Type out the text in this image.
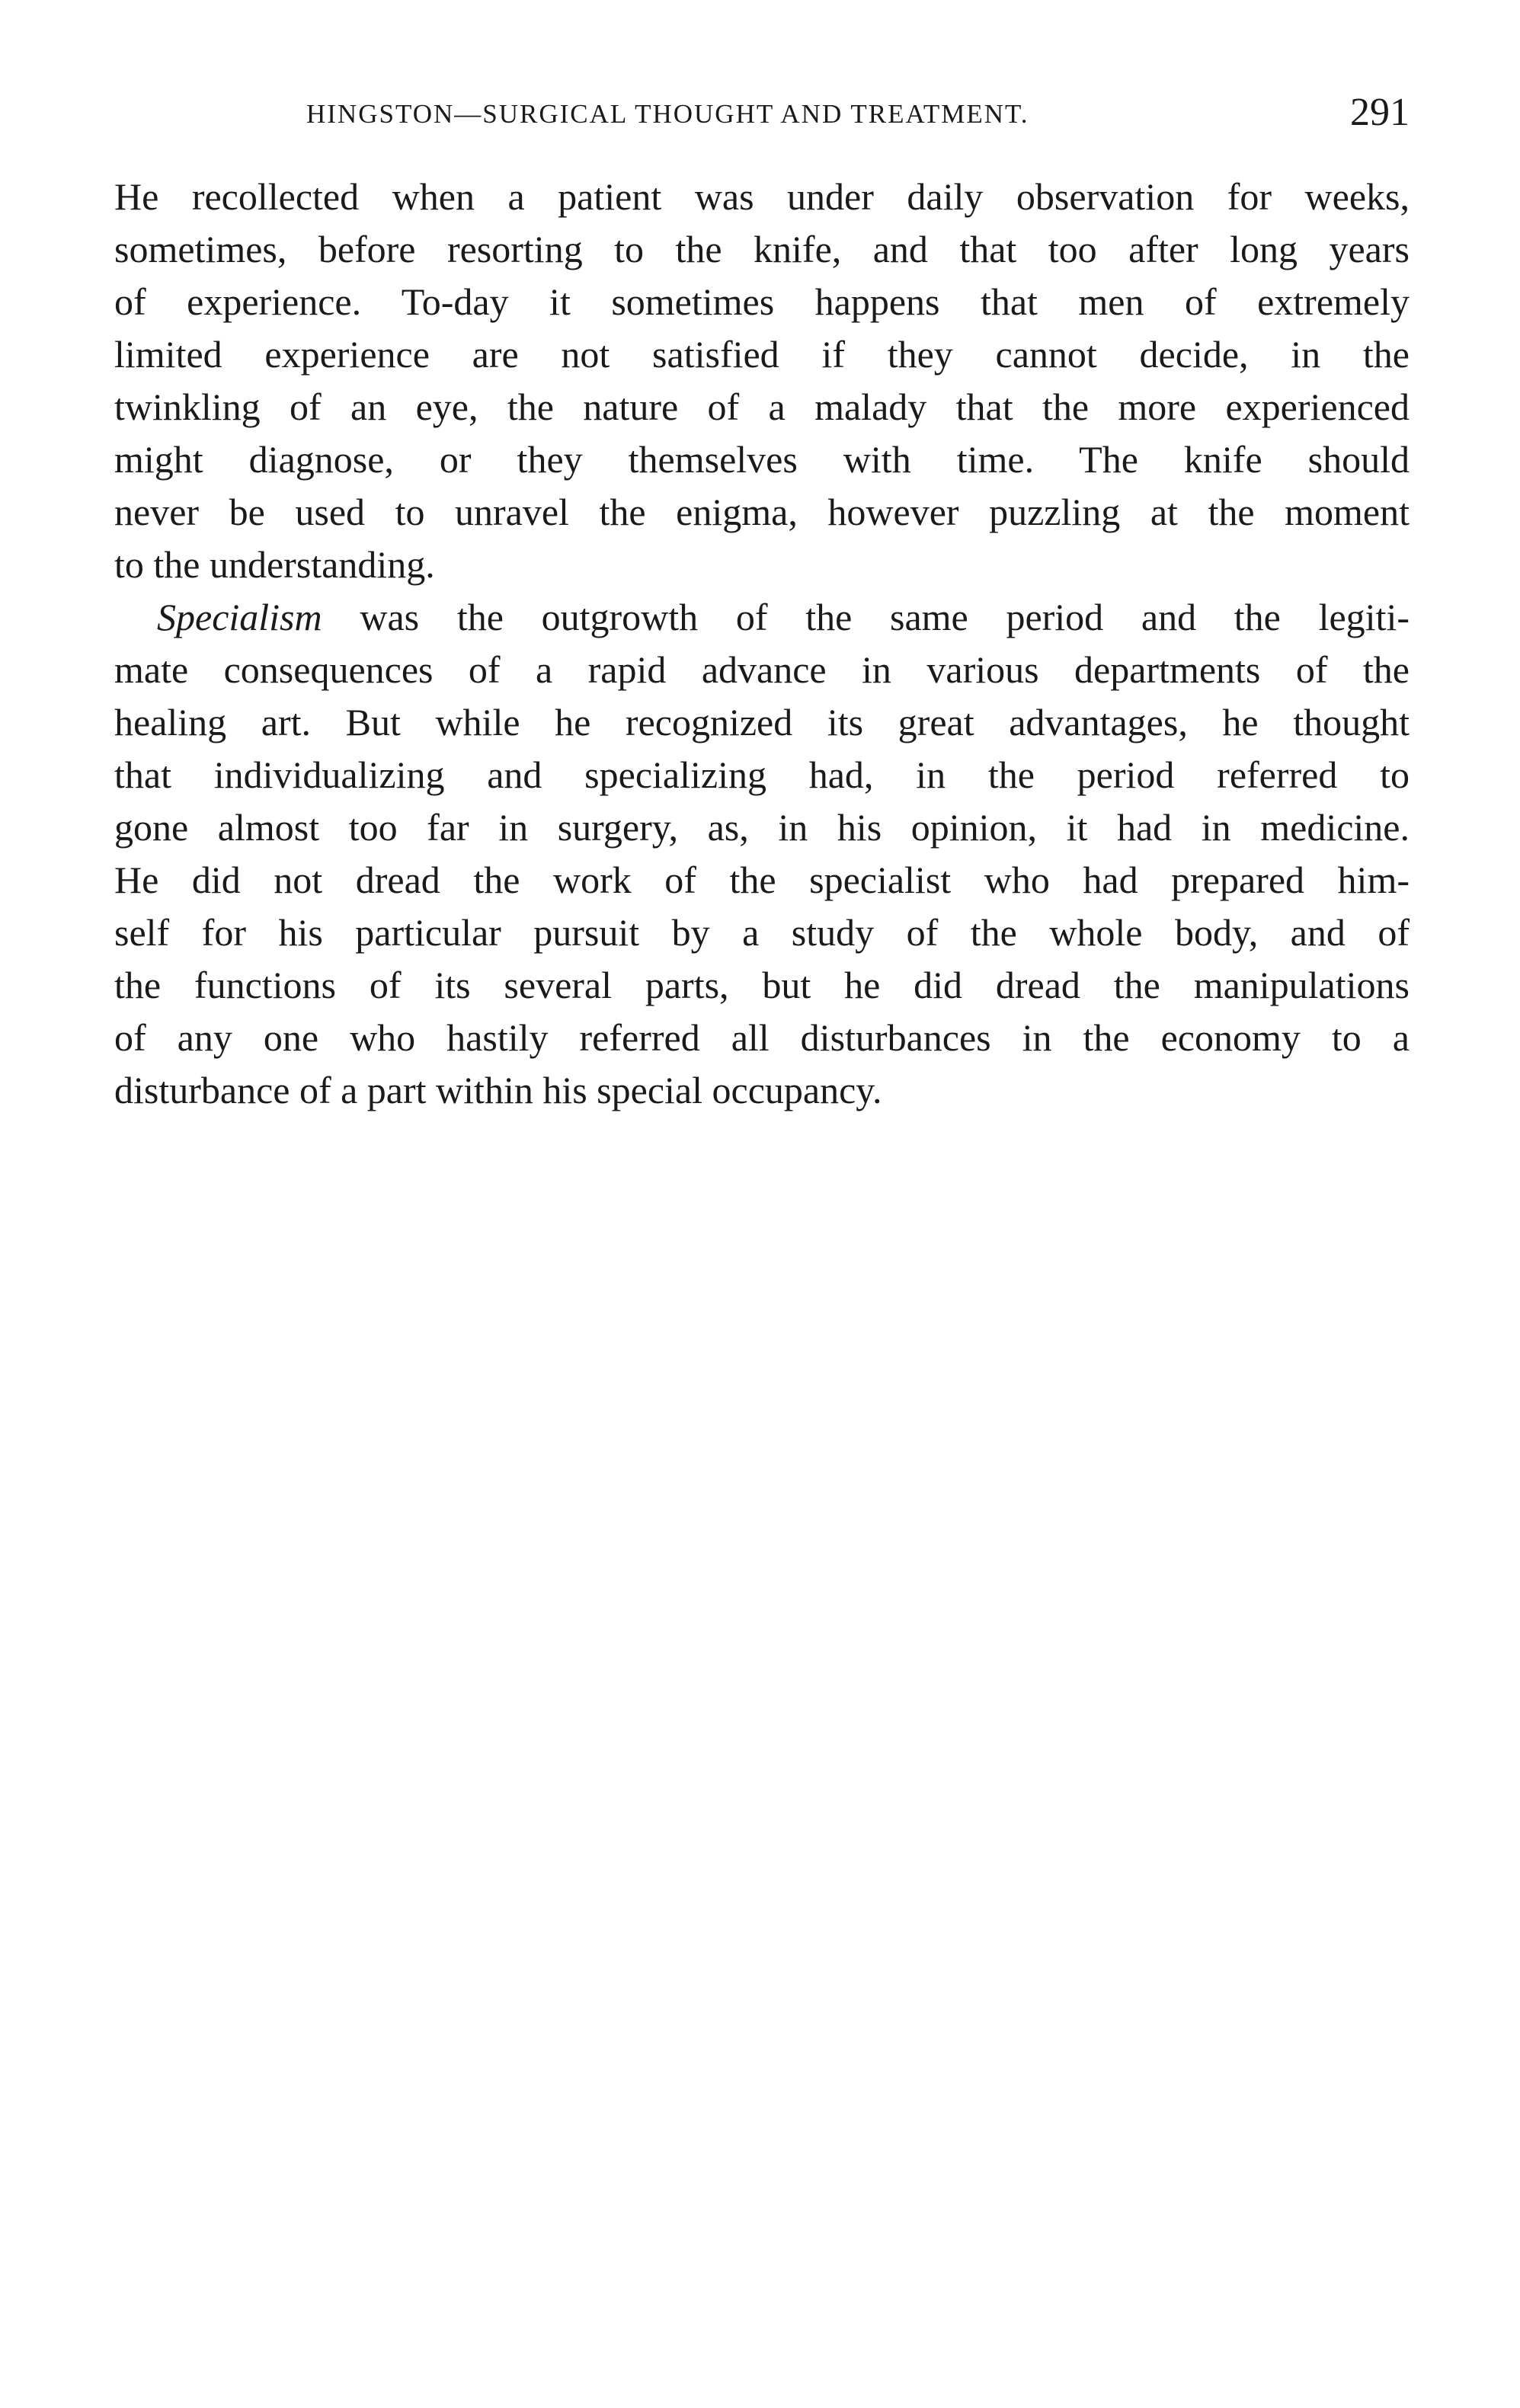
HINGSTON—SURGICAL THOUGHT AND TREATMENT.	291
He recollected when a patient was under daily observation for weeks,
sometimes, before resorting to the knife, and that too after long years
of experience. To-day it sometimes happens that men of extremely
limited experience are not satisfied if they cannot decide, in the
twinkling of an eye, the nature of a malady that the more experienced
might diagnose, or they themselves with time. The knife should
never be used to unravel the enigma, however puzzling at the moment
to the understanding.
Specialism was the outgrowth of the same period and the legiti-
mate consequences of a rapid advance in various departments of the
healing art. But while he recognized its great advantages, he thought
that individualizing and specializing had, in the period referred to
gone almost too far in surgery, as, in his opinion, it had in medicine.
He did not dread the work of the specialist who had prepared him-
self for his particular pursuit by a study of the whole body, and of
the functions of its several parts, but he did dread the manipulations
of any one who hastily referred all disturbances in the economy to a
disturbance of a part within his special occupancy.
